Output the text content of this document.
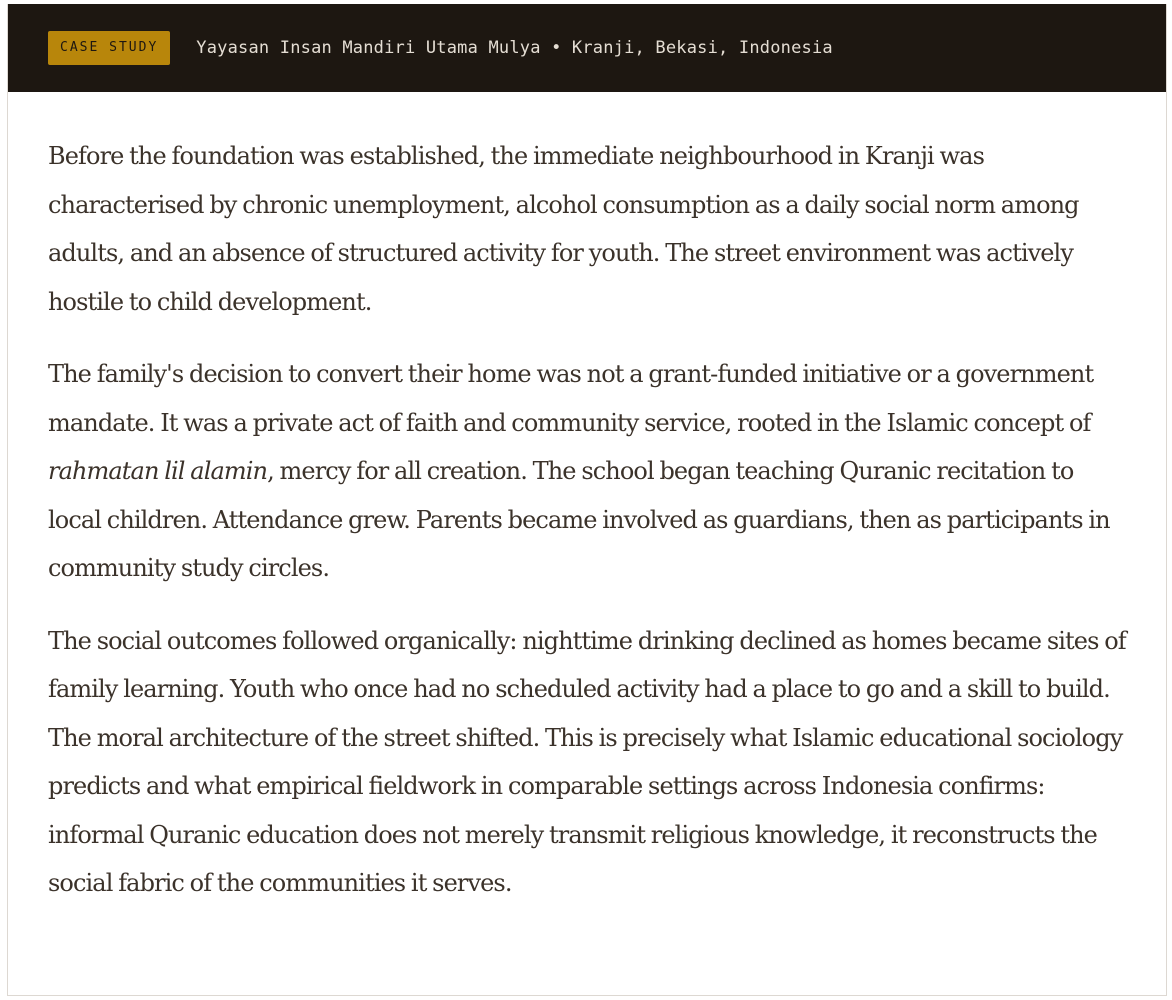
CASE STUDY	Yayasan Insan Mandiri Utama Mulya • Kranji, Bekasi, Indonesia

Before the foundation was established, the immediate neighbourhood in Kranji was characterised by chronic unemployment, alcohol consumption as a daily social norm among adults, and an absence of structured activity for youth. The street environment was actively hostile to child development.

The family's decision to convert their home was not a grant-funded initiative or a government mandate. It was a private act of faith and community service, rooted in the Islamic concept of rahmatan lil alamin, mercy for all creation. The school began teaching Quranic recitation to local children. Attendance grew. Parents became involved as guardians, then as participants in community study circles.

The social outcomes followed organically: nighttime drinking declined as homes became sites of family learning. Youth who once had no scheduled activity had a place to go and a skill to build. The moral architecture of the street shifted. This is precisely what Islamic educational sociology predicts and what empirical fieldwork in comparable settings across Indonesia confirms: informal Quranic education does not merely transmit religious knowledge, it reconstructs the social fabric of the communities it serves.
